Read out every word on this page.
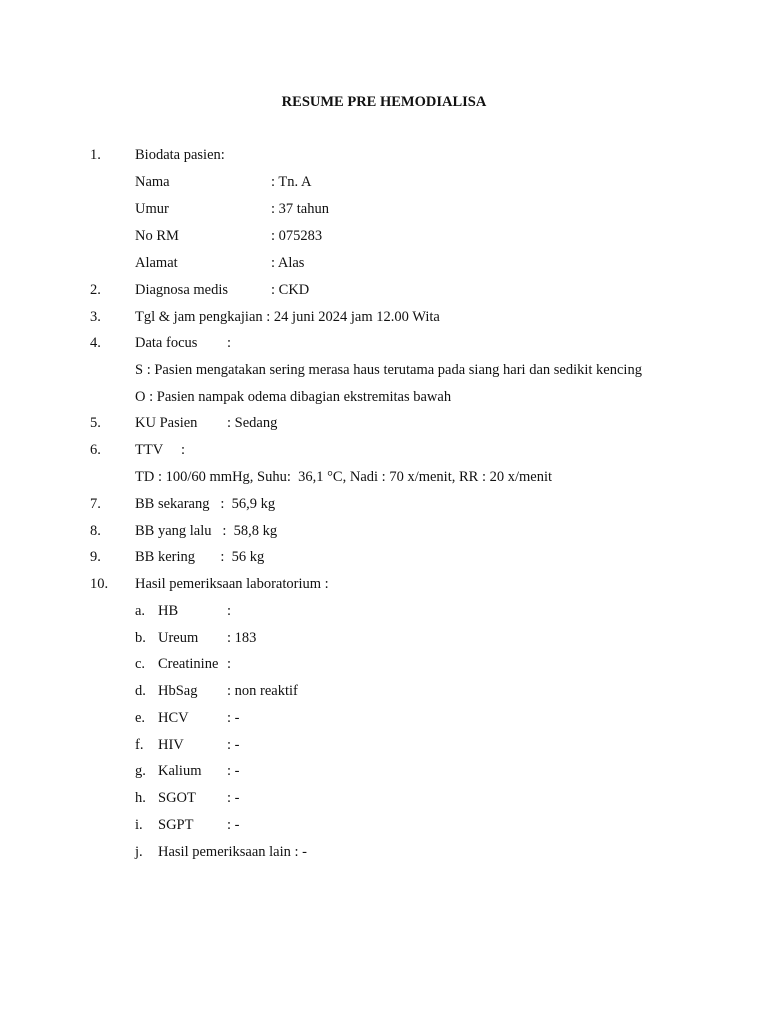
RESUME PRE HEMODIALISA
1. Biodata pasien:
Nama	: Tn. A
Umur	: 37 tahun
No RM	: 075283
Alamat	: Alas
2. Diagnosa medis	: CKD
3. Tgl & jam pengkajian : 24 juni 2024 jam 12.00 Wita
4. Data focus :
S : Pasien mengatakan sering merasa haus terutama pada siang hari dan sedikit kencing
O : Pasien nampak odema dibagian ekstremitas bawah
5. KU Pasien : Sedang
6. TTV :
TD : 100/60 mmHg, Suhu:  36,1 °C, Nadi : 70 x/menit, RR : 20 x/menit
7. BB sekarang   :  56,9 kg
8. BB yang lalu   :  58,8 kg
9. BB kering       :  56 kg
10. Hasil pemeriksaan laboratorium :
a. HB	:
b. Ureum : 183
c. Creatinine :
d. HbSag : non reaktif
e. HCV	: -
f. HIV	: -
g. Kalium : -
h. SGOT : -
i. SGPT : -
j. Hasil pemeriksaan lain : -
